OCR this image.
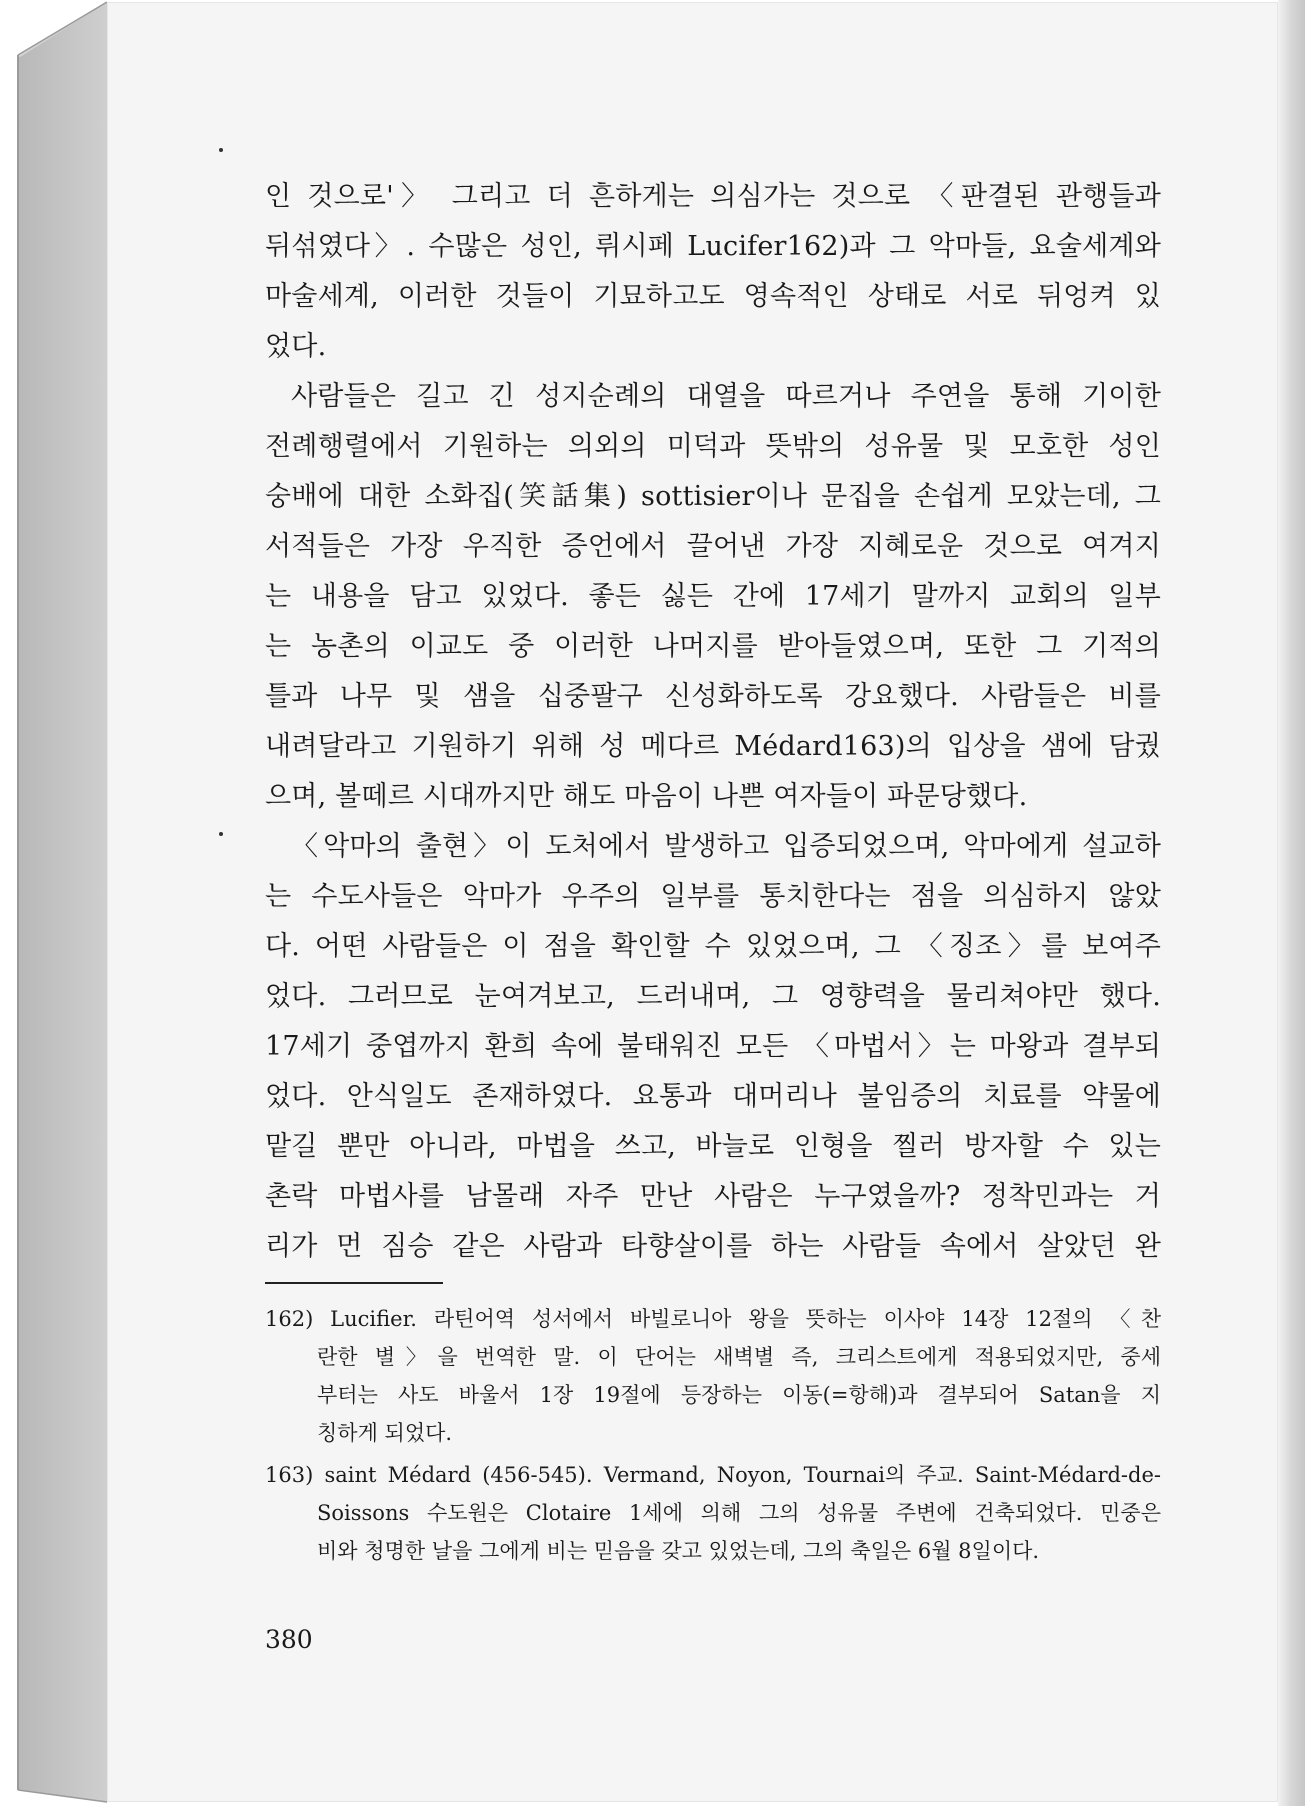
인 것으로'〉 그리고 더 흔하게는 의심가는 것으로 〈판결된 관행들과
뒤섞였다〉. 수많은 성인, 뤼시페 Lucifer162)과 그 악마들, 요술세계와
마술세계, 이러한 것들이 기묘하고도 영속적인 상태로 서로 뒤엉켜 있
었다.
사람들은 길고 긴 성지순례의 대열을 따르거나 주연을 통해 기이한
전례행렬에서 기원하는 의외의 미덕과 뜻밖의 성유물 및 모호한 성인
숭배에 대한 소화집(笑話集) sottisier이나 문집을 손쉽게 모았는데, 그
서적들은 가장 우직한 증언에서 끌어낸 가장 지혜로운 것으로 여겨지
는 내용을 담고 있었다. 좋든 싫든 간에 17세기 말까지 교회의 일부
는 농촌의 이교도 중 이러한 나머지를 받아들였으며, 또한 그 기적의
틀과 나무 및 샘을 십중팔구 신성화하도록 강요했다. 사람들은 비를
내려달라고 기원하기 위해 성 메다르 Médard163)의 입상을 샘에 담궜
으며, 볼떼르 시대까지만 해도 마음이 나쁜 여자들이 파문당했다.
〈악마의 출현〉이 도처에서 발생하고 입증되었으며, 악마에게 설교하
는 수도사들은 악마가 우주의 일부를 통치한다는 점을 의심하지 않았
다. 어떤 사람들은 이 점을 확인할 수 있었으며, 그 〈징조〉를 보여주
었다. 그러므로 눈여겨보고, 드러내며, 그 영향력을 물리쳐야만 했다.
17세기 중엽까지 환희 속에 불태워진 모든 〈마법서〉는 마왕과 결부되
었다. 안식일도 존재하였다. 요통과 대머리나 불임증의 치료를 약물에
맡길 뿐만 아니라, 마법을 쓰고, 바늘로 인형을 찔러 방자할 수 있는
촌락 마법사를 남몰래 자주 만난 사람은 누구였을까? 정착민과는 거
리가 먼 짐승 같은 사람과 타향살이를 하는 사람들 속에서 살았던 완
162) Lucifier. 라틴어역 성서에서 바빌로니아 왕을 뜻하는 이사야 14장 12절의 〈찬
란한 별〉을 번역한 말. 이 단어는 새벽별 즉, 크리스트에게 적용되었지만, 중세
부터는 사도 바울서 1장 19절에 등장하는 이동(=항해)과 결부되어 Satan을 지
칭하게 되었다.
163) saint Médard (456-545). Vermand, Noyon, Tournai의 주교. Saint-Médard-de-
Soissons 수도원은 Clotaire 1세에 의해 그의 성유물 주변에 건축되었다. 민중은
비와 청명한 날을 그에게 비는 믿음을 갖고 있었는데, 그의 축일은 6월 8일이다.
380
